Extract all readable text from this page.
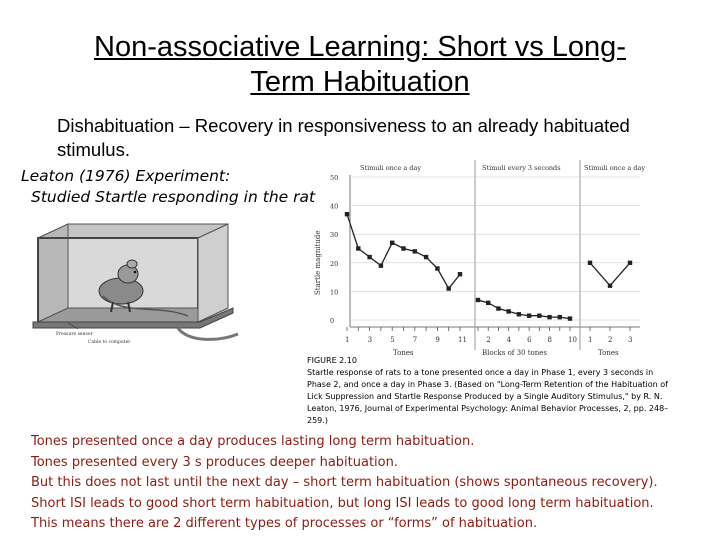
Non-associative Learning: Short vs Long-
Term Habituation
Dishabituation – Recovery in responsiveness to an already habituated stimulus.
Leaton (1976) Experiment:
Studied Startle responding in the rat
Pressure sensor
Cable to computer
Stimuli once a day	Stimuli every 3 seconds	Stimuli once a day
Startle magnitude
Tones	Blocks of 30 tones	Tones
50
40
30
20
10
0
1	3	5	7	9	11	2 4 6 8 10 1 2 3
FIGURE 2.10
Startle response of rats to a tone presented once a day in Phase 1, every 3 seconds in
Phase 2, and once a day in Phase 3. (Based on "Long-Term Retention of the Habituation of
Lick Suppression and Startle Response Produced by a Single Auditory Stimulus," by R. N.
Leaton, 1976, Journal of Experimental Psychology: Animal Behavior Processes, 2, pp. 248–
259.)
Tones presented once a day produces lasting long term habituation.
Tones presented every 3 s produces deeper habituation.
But this does not last until the next day – short term habituation (shows spontaneous recovery).
Short ISI leads to good short term habituation, but long ISI leads to good long term habituation.
This means there are 2 different types of processes or “forms” of habituation.
